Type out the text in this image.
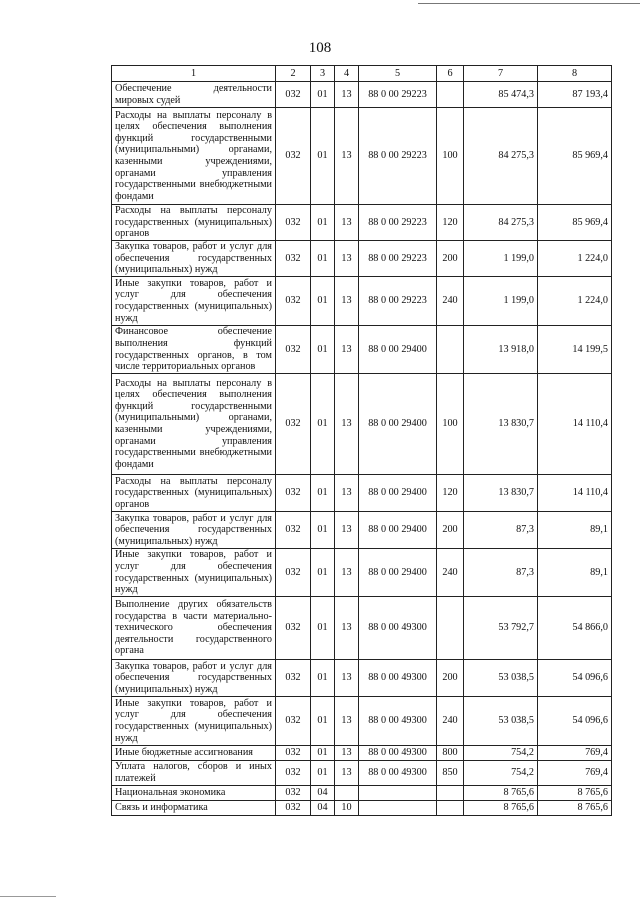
108
1	2	3	4	5	6	7	8
Обеспечение деятельности мировых судей	032	01	13	88 0 00 29223		85 474,3	87 193,4
Расходы на выплаты персоналу в целях обеспечения выполнения функций государственными (муниципальными) органами, казенными учреждениями, органами управления государственными внебюджетными фондами	032	01	13	88 0 00 29223	100	84 275,3	85 969,4
Расходы на выплаты персоналу государственных (муниципальных) органов	032	01	13	88 0 00 29223	120	84 275,3	85 969,4
Закупка товаров, работ и услуг для обеспечения государственных (муниципальных) нужд	032	01	13	88 0 00 29223	200	1 199,0	1 224,0
Иные закупки товаров, работ и услуг для обеспечения государственных (муниципальных) нужд	032	01	13	88 0 00 29223	240	1 199,0	1 224,0
Финансовое обеспечение выполнения функций государственных органов, в том числе территориальных органов	032	01	13	88 0 00 29400		13 918,0	14 199,5
Расходы на выплаты персоналу в целях обеспечения выполнения функций государственными (муниципальными) органами, казенными учреждениями, органами управления государственными внебюджетными фондами	032	01	13	88 0 00 29400	100	13 830,7	14 110,4
Расходы на выплаты персоналу государственных (муниципальных) органов	032	01	13	88 0 00 29400	120	13 830,7	14 110,4
Закупка товаров, работ и услуг для обеспечения государственных (муниципальных) нужд	032	01	13	88 0 00 29400	200	87,3	89,1
Иные закупки товаров, работ и услуг для обеспечения государственных (муниципальных) нужд	032	01	13	88 0 00 29400	240	87,3	89,1
Выполнение других обязательств государства в части материально-технического обеспечения деятельности государственного органа	032	01	13	88 0 00 49300		53 792,7	54 866,0
Закупка товаров, работ и услуг для обеспечения государственных (муниципальных) нужд	032	01	13	88 0 00 49300	200	53 038,5	54 096,6
Иные закупки товаров, работ и услуг для обеспечения государственных (муниципальных) нужд	032	01	13	88 0 00 49300	240	53 038,5	54 096,6
Иные бюджетные ассигнования	032	01	13	88 0 00 49300	800	754,2	769,4
Уплата налогов, сборов и иных платежей	032	01	13	88 0 00 49300	850	754,2	769,4
Национальная экономика	032	04				8 765,6	8 765,6
Связь и информатика	032	04	10			8 765,6	8 765,6
